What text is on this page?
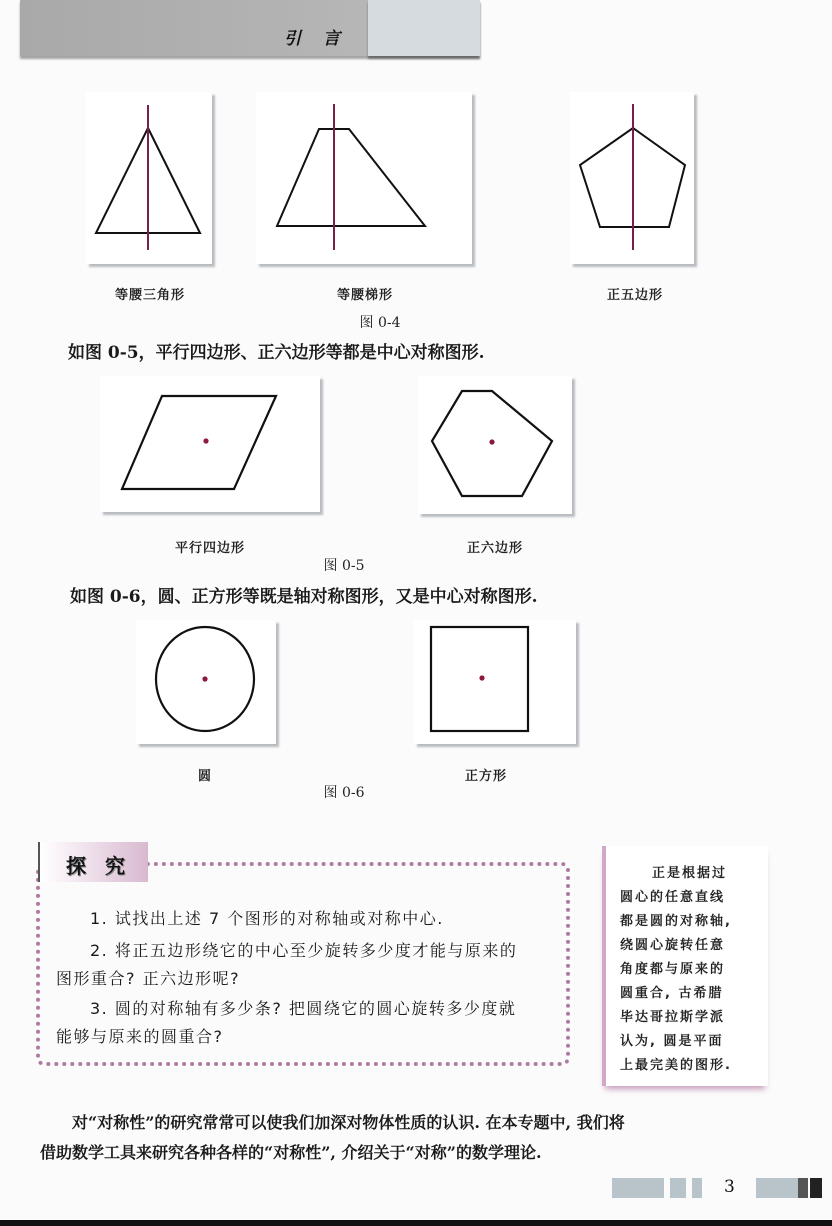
引 言
等腰三角形	等腰梯形	正五边形
图 0-4
如图 0-5，平行四边形、正六边形等都是中心对称图形.
平行四边形	正六边形
图 0-5
如图 0-6，圆、正方形等既是轴对称图形，又是中心对称图形.
圆	正方形
图 0-6
探 究
1. 试找出上述 7 个图形的对称轴或对称中心.
2. 将正五边形绕它的中心至少旋转多少度才能与原来的
图形重合? 正六边形呢?
3. 圆的对称轴有多少条? 把圆绕它的圆心旋转多少度就
能够与原来的圆重合?
正是根据过
圆心的任意直线
都是圆的对称轴,
绕圆心旋转任意
角度都与原来的
圆重合, 古希腊
毕达哥拉斯学派
认为, 圆是平面
上最完美的图形.
对“对称性”的研究常常可以使我们加深对物体性质的认识. 在本专题中, 我们将
借助数学工具来研究各种各样的“对称性”, 介绍关于“对称”的数学理论.
3
